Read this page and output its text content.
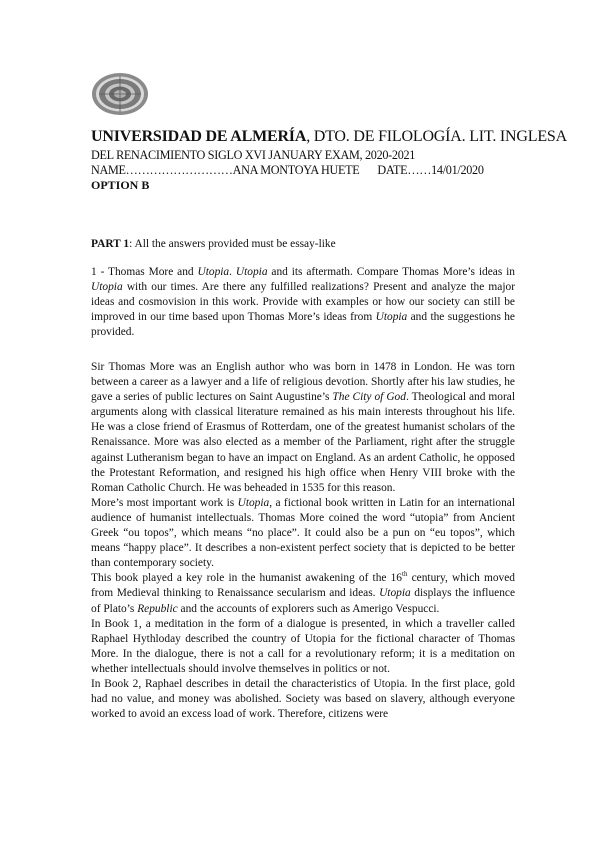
UNIVERSIDAD DE ALMERÍA, DTO. DE FILOLOGÍA. LIT. INGLESA
DEL RENACIMIENTO SIGLO XVI JANUARY EXAM, 2020-2021
NAME………………………ANA MONTOYA HUETE DATE……14/01/2020
OPTION B
PART 1: All the answers provided must be essay-like

1 - Thomas More and Utopia. Utopia and its aftermath. Compare Thomas More’s ideas in Utopia with our times. Are there any fulfilled realizations? Present and analyze the major ideas and cosmovision in this work. Provide with examples or how our society can still be improved in our time based upon Thomas More’s ideas from Utopia and the suggestions he provided.

Sir Thomas More was an English author who was born in 1478 in London. He was torn between a career as a lawyer and a life of religious devotion. Shortly after his law studies, he gave a series of public lectures on Saint Augustine’s The City of God. Theological and moral arguments along with classical literature remained as his main interests throughout his life. He was a close friend of Erasmus of Rotterdam, one of the greatest humanist scholars of the Renaissance. More was also elected as a member of the Parliament, right after the struggle against Lutheranism began to have an impact on England. As an ardent Catholic, he opposed the Protestant Reformation, and resigned his high office when Henry VIII broke with the Roman Catholic Church. He was beheaded in 1535 for this reason.

More’s most important work is Utopia, a fictional book written in Latin for an international audience of humanist intellectuals. Thomas More coined the word “utopia” from Ancient Greek “ou topos”, which means “no place”. It could also be a pun on “eu topos”, which means “happy place”. It describes a non-existent perfect society that is depicted to be better than contemporary society.

This book played a key role in the humanist awakening of the 16th century, which moved from Medieval thinking to Renaissance secularism and ideas. Utopia displays the influence of Plato’s Republic and the accounts of explorers such as Amerigo Vespucci.

In Book 1, a meditation in the form of a dialogue is presented, in which a traveller called Raphael Hythloday described the country of Utopia for the fictional character of Thomas More. In the dialogue, there is not a call for a revolutionary reform; it is a meditation on whether intellectuals should involve themselves in politics or not.

In Book 2, Raphael describes in detail the characteristics of Utopia. In the first place, gold had no value, and money was abolished. Society was based on slavery, although everyone worked to avoid an excess load of work. Therefore, citizens were
